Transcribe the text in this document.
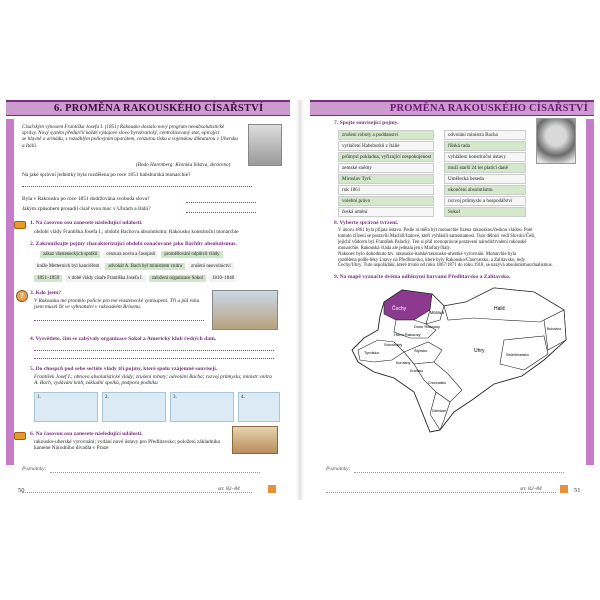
6. PROMĚNA RAKOUSKÉHO CÍSAŘSTVÍ
Císařským výnosem Františka Josefa I. (1851) Rakousko dostalo nový program neoabsolutistické
správy. Nový systém předurčil každé výdajové slovo byrokratický, centralizovaný stát, opírající
se hlavně o armádu, s rozsáhlým policejním aparátem, cenzurou tisku a vojenskou diktaturou v Uhersku
a Itálii.
(Bodo Harenberg: Kronika lidstva, zkráceno)
Na jaké správní jednotky byla rozdělena po roce 1851 habsburská monarchie?
Byla v Rakousku po roce 1851 dodržována svoboda slova?
Jakým způsobem prosadil císař svou moc v Uhrách a Itálii?
1. Na časovou osu zanesete následující události.
období vlády Františka Josefa I.; období Bachova absolutismu; Rakousko konstituční monarchie
2. Zakroužkujte pojmy charakterizující období označované jako Bachův absolutismus.
zákaz vlasteneckých spolků	cenzura novin a časopisů	proměňování odpůrců vlády
kníže Metternich byl kancléřem	advokát A. Bach byl ministrem vnitra	zrušení neovolnictví
1851–1859	v době vlády císaře Františka Josefa I.	založení organizace Sokol	1810–1848
?	3. Kdo jsem?
V Rakousku mé proniklo policie pro mé vlastenecké vystoupení. Tři a půl roku jsem musel žít ve vyhnanství v rakouském Brixenu.
4. Vysvětlete, čím se zabývaly organizace Sokol a Americký klub českých dam.
5. Do chospců pod sebe sečtěte vlády tří pojmy, které spolu vzájemně souvisejí.
František Josef I.; obnova absolutistické vlády; zrušení roboty; odvolání Bacha; rozvoj průmyslu; ministr vnitra A. Bach, vydávání knih, základní spolků, podpora podniku
1.	2.	3.	4.
6. Na časovou osu zanesete následující události.
rakousko-uherské vyrovnání; vydání nové ústavy pro Předlitavsko; položení základního kamene Národního divadla v Praze
Poznámky:
50	str. 82–84
PROMĚNA RAKOUSKÉHO CÍSAŘSTVÍ
7. Spojte související pojmy.
zrušení roboty a poddanství	odvolání ministra Bacha
vytlačení Habsburků z Itálie	říšská rada
průmysl pokladna, vyřizující nespokojenost	vyhlášení konstituční ústavy
zemské sněmy	muži starší 24 let platící daně
Miroslav Tyrš	Umělecká beseda
rok 1861	ukončení absolutismu
volební právo	rozvoj průmyslu a hospodářství
česká umění	Sokol
8. Vyberte správné tvrzení.
V únoru 1861 byla přijata ústava. Podle ní měla být monarchie řízena rakouskou/českou vládou. Poté
tomuto zřízení se postavili Maďaři/Italové, kteří vyhlásili samostatnost. Tuto dělnici vedl Slováci/Češi,
jejichž vůdcem byl František Palacký. Ten si přál rovnoprávné postavení národů/trvalení rakouské
monarchie. Rakouská vláda ale jednala jen s Maďary/Italy.
Nakonec bylo dohodnuto tzv. rakousko-italské/rakousko-uherské vyrovnání. Monarchie byla
rozdělena podle řeky Litavy na Předlitavsko, které byly Rakousko/Chorvatsko, a Zalitavsko, tedy
Čechy/Uhry. Tuto uspořádání, které trvalo od roku 1867/1871 do roku 1918, se nazývá absolutismus/dualismus.
9. Na mapě vyznačte dvěma odlišnými barvami Předlitavsko a Zalitavsko.
Čechy
Morava
Dolní Rakousy
Horní Rakousy
Tyrolsko
Solnohrady
Štýrsko
Korutany
Kraňsko
Uhry
Sedmihradsko
Halič
Bukovina
Chorvatsko
Dalmácie
Poznámky:
str. 82–84	51
